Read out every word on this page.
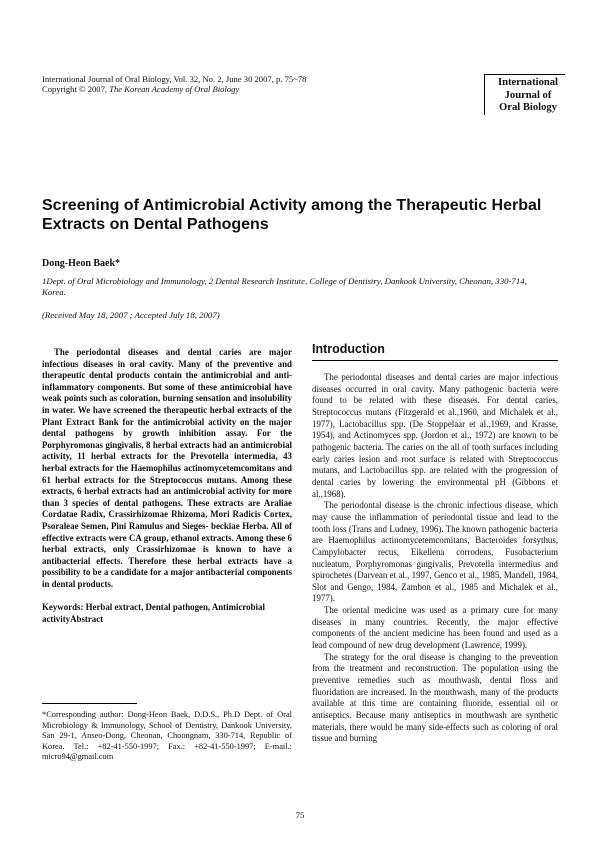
International Journal of Oral Biology, Vol. 32, No. 2, June 30 2007, p. 75~78
Copyright © 2007, The Korean Academy of Oral Biology
International
Journal of
Oral Biology
Screening of Antimicrobial Activity among the Therapeutic Herbal Extracts on Dental Pathogens
Dong-Heon Baek*
1Dept. of Oral Microbiology and Immunology, 2 Dental Research Institute, College of Dentistry, Dankook University, Cheonan, 330-714, Korea.
(Received May 18, 2007 ; Accepted July 18, 2007)
The periodontal diseases and dental caries are major infectious diseases in oral cavity. Many of the preventive and therapeutic dental products contain the antimicrobial and anti-inflammatory components. But some of these antimicrobial have weak points such as coloration, burning sensation and insolubility in water. We have screened the therapeutic herbal extracts of the Plant Extract Bank for the antimicrobial activity on the major dental pathogens by growth inhibition assay. For the Porphyromonas gingivalis, 8 herbal extracts had an antimicrobial activity, 11 herbal extracts for the Prevotella intermedia, 43 herbal extracts for the Haemophilus actinomycetemcomitans and 61 herbal extracts for the Streptococcus mutans. Among these extracts, 6 herbal extracts had an antimicrobial activity for more than 3 species of dental pathogens. These extracts are Araliae Cordatae Radix, Crassirhizomae Rhizoma, Mori Radicis Cortex, Psoraleae Semen, Pini Ramulus and Sieges- beckiae Herba. All of effective extracts were CA group, ethanol extracts. Among these 6 herbal extracts, only Crassirhizomae is known to have a antibacterial effects. Therefore these herbal extracts have a possibility to be a candidate for a major antibacterial components in dental products.
Keywords: Herbal extract, Dental pathogen, Antimicrobial activityAbstract
*Corresponding author: Dong-Heon Baek, D.D.S., Ph.D Dept. of Oral Microbiology & Immunology, School of Dentistry, Dankook University, San 29-1, Anseo-Dong, Cheonan, Choongnam, 330-714, Republic of Korea. Tel.: +82-41-550-1997; Fax.: +82-41-550-1997; E-mail.: micro94@gmail.com
Introduction

The periodontal diseases and dental caries are major infectious diseases occurred in oral cavity. Many pathogenic bacteria were found to be related with these diseases. For dental caries, Streptococcus mutans (Fitzgerald et al.,1960, and Michalek et al., 1977), Lactobacillus spp. (De Stoppelaar et al.,1969, and Krasse, 1954), and Actinomyces spp. (Jordon et al., 1972) are known to be pathogenic bacteria. The caries on the all of tooth surfaces including early caries lesion and root surface is related with Streptococcus mutans, and Lactobacillus spp. are related with the progression of dental caries by lowering the environmental pH (Gibbons et al.,1968).

The periodontal disease is the chronic infectious disease, which may cause the inflammation of periodontal tissue and lead to the tooth loss (Trans and Ludney, 1996). The known pathogenic bacteria are Haemophilus actinomycetemcomitans, Bacteroides forsythus, Campylobacter recus, Eikellena corrodens, Fusobacterium nucleatum, Porphyromonas gingivalis, Prevotella intermedius and spirochetes (Darvean et al., 1997, Genco et al., 1985, Mandell, 1984, Slot and Gengo, 1984, Zambon et al., 1985 and Michalek et al., 1977).

The oriental medicine was used as a primary cure for many diseases in many countries. Recently, the major effective components of the ancient medicine has been found and used as a lead compound of new drug development (Lawrence, 1999).

The strategy for the oral disease is changing to the prevention from the treatment and reconstruction. The population using the preventive remedies such as mouthwash, dental floss and fluoridation are increased. In the mouthwash, many of the products available at this time are containing fluoride, essential oil or antiseptics. Because many antiseptics in mouthwash are synthetic materials, there would be many side-effects such as coloring of oral tissue and burning

75
